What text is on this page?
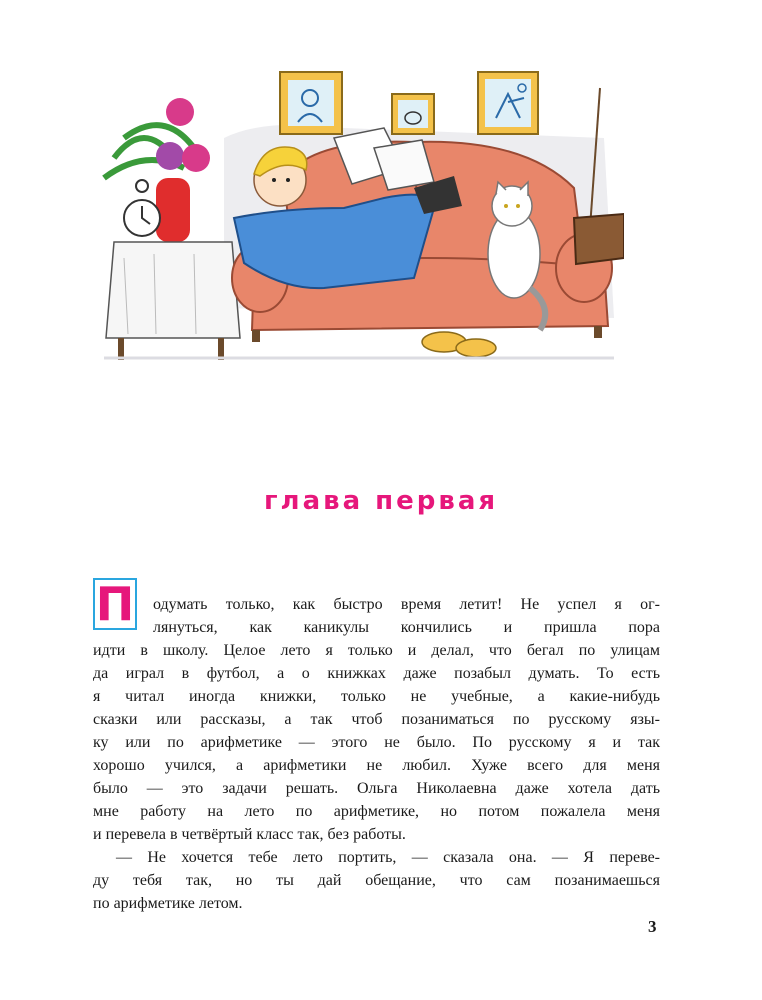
глава первая
П одумать только, как быстро время летит! Не успел я ог-
лянуться, как каникулы кончились и пришла пора
идти в школу. Целое лето я только и делал, что бегал по улицам
да играл в футбол, а о книжках даже позабыл думать. То есть
я читал иногда книжки, только не учебные, а какие-нибудь
сказки или рассказы, а так чтоб позаниматься по русскому язы-
ку или по арифметике — этого не было. По русскому я и так
хорошо учился, а арифметики не любил. Хуже всего для меня
было — это задачи решать. Ольга Николаевна даже хотела дать
мне работу на лето по арифметике, но потом пожалела меня
и перевела в четвёртый класс так, без работы.
— Не хочется тебе лето портить, — сказала она. — Я переве-
ду тебя так, но ты дай обещание, что сам позанимаешься
по арифметике летом.
3
